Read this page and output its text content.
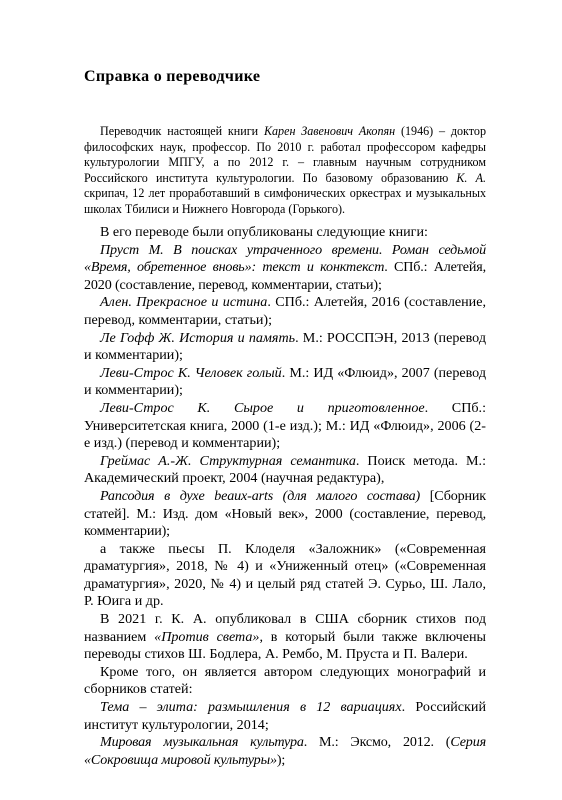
Справка о переводчике

Переводчик настоящей книги Карен Завенович Акопян (1946) – доктор философских наук, профессор. По 2010 г. работал профессором кафедры культурологии МПГУ, а по 2012 г. – главным научным сотрудником Российского института культурологии. По базовому образованию К. А. скрипач, 12 лет проработавший в симфонических оркестрах и музыкальных школах Тбилиси и Нижнего Новгорода (Горького).

В его переводе были опубликованы следующие книги:

Пруст М. В поисках утраченного времени. Роман седьмой «Время, обретенное вновь»: текст и конктекст. СПб.: Алетейя, 2020 (составление, перевод, комментарии, статьи);

Ален. Прекрасное и истина. СПб.: Алетейя, 2016 (составление, перевод, комментарии, статьи);

Ле Гофф Ж. История и память. М.: РОССПЭН, 2013 (перевод и комментарии);

Леви-Строс К. Человек голый. М.: ИД «Флюид», 2007 (перевод и комментарии);

Леви-Строс К. Сырое и приготовленное. СПб.: Университетская книга, 2000 (1-е изд.); М.: ИД «Флюид», 2006 (2-е изд.) (перевод и комментарии);

Греймас А.-Ж. Структурная семантика. Поиск метода. М.: Академический проект, 2004 (научная редактура),

Рапсодия в духе beaux-arts (для малого состава) [Сборник статей]. М.: Изд. дом «Новый век», 2000 (составление, перевод, комментарии);

а также пьесы П. Клоделя «Заложник» («Современная драматургия», 2018, № 4) и «Униженный отец» («Современная драматургия», 2020, № 4) и целый ряд статей Э. Сурьо, Ш. Лало, Р. Юига и др.

В 2021 г. К. А. опубликовал в США сборник стихов под названием «Против света», в который были также включены переводы стихов Ш. Бодлера, А. Рембо, М. Пруста и П. Валери.

Кроме того, он является автором следующих монографий и сборников статей:

Тема – элита: размышления в 12 вариациях. Российский институт культурологии, 2014;

Мировая музыкальная культура. М.: Эксмо, 2012. (Серия «Сокровища мировой культуры»);
